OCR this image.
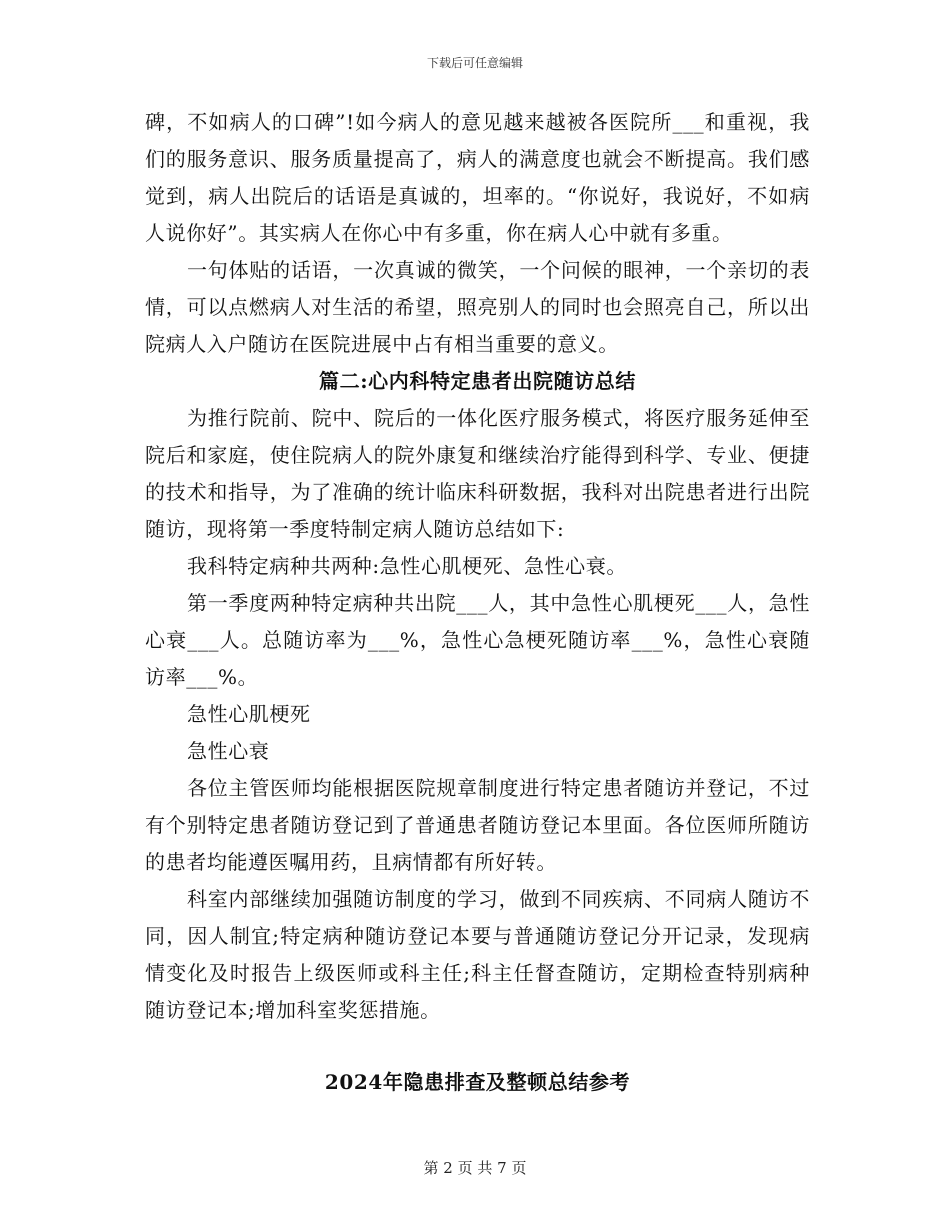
下载后可任意编辑

碑，不如病人的口碑”!如今病人的意见越来越被各医院所___和重视，我们的服务意识、服务质量提高了，病人的满意度也就会不断提高。我们感觉到，病人出院后的话语是真诚的，坦率的。“你说好，我说好，不如病人说你好”。其实病人在你心中有多重，你在病人心中就有多重。

一句体贴的话语，一次真诚的微笑，一个问候的眼神，一个亲切的表情，可以点燃病人对生活的希望，照亮别人的同时也会照亮自己，所以出院病人入户随访在医院进展中占有相当重要的意义。

篇二:心内科特定患者出院随访总结

为推行院前、院中、院后的一体化医疗服务模式，将医疗服务延伸至院后和家庭，使住院病人的院外康复和继续治疗能得到科学、专业、便捷的技术和指导，为了准确的统计临床科研数据，我科对出院患者进行出院随访，现将第一季度特制定病人随访总结如下:

我科特定病种共两种:急性心肌梗死、急性心衰。

第一季度两种特定病种共出院___人，其中急性心肌梗死___人，急性心衰___人。总随访率为___%，急性心急梗死随访率___%，急性心衰随访率___%。

急性心肌梗死

急性心衰

各位主管医师均能根据医院规章制度进行特定患者随访并登记，不过有个别特定患者随访登记到了普通患者随访登记本里面。各位医师所随访的患者均能遵医嘱用药，且病情都有所好转。

科室内部继续加强随访制度的学习，做到不同疾病、不同病人随访不同，因人制宜;特定病种随访登记本要与普通随访登记分开记录，发现病情变化及时报告上级医师或科主任;科主任督查随访，定期检查特别病种随访登记本;增加科室奖惩措施。

2024年隐患排查及整顿总结参考

第 2 页 共 7 页
